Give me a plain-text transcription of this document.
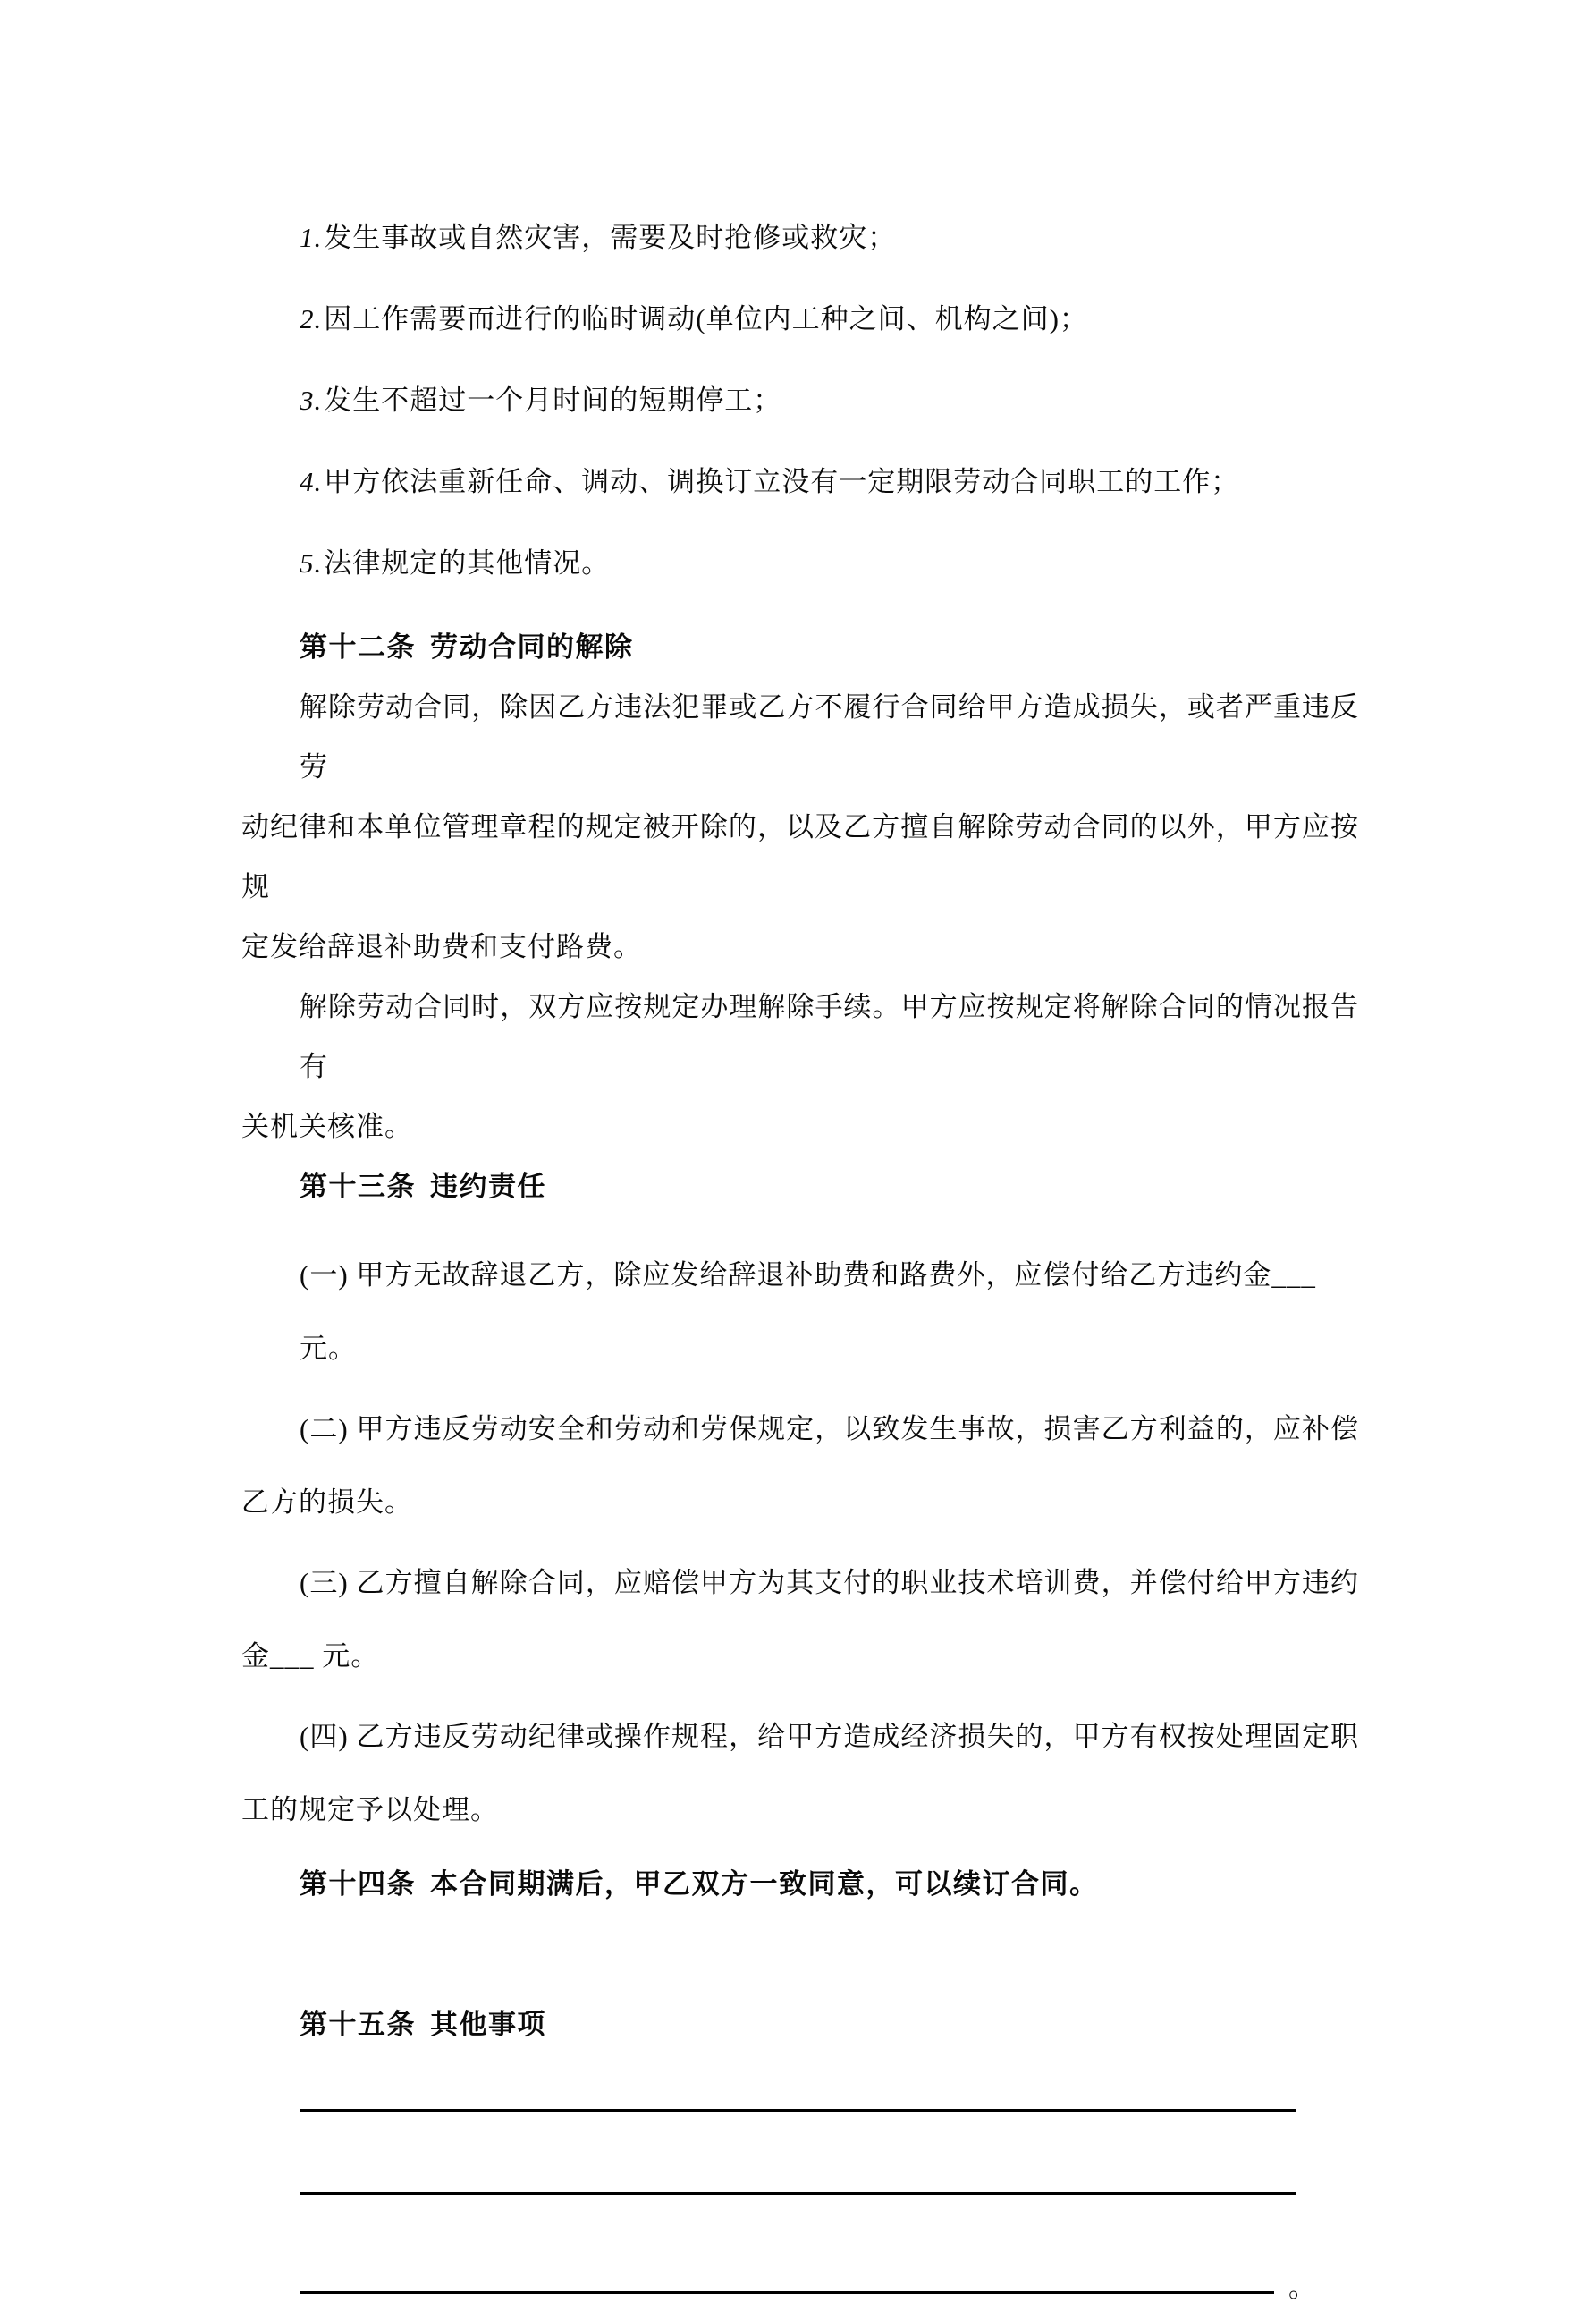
1.发生事故或自然灾害，需要及时抢修或救灾；
2.因工作需要而进行的临时调动(单位内工种之间、机构之间)；
3.发生不超过一个月时间的短期停工；
4.甲方依法重新任命、调动、调换订立没有一定期限劳动合同职工的工作；
5.法律规定的其他情况。
第十二条 劳动合同的解除
解除劳动合同，除因乙方违法犯罪或乙方不履行合同给甲方造成损失，或者严重违反劳
动纪律和本单位管理章程的规定被开除的，以及乙方擅自解除劳动合同的以外，甲方应按规
定发给辞退补助费和支付路费。
解除劳动合同时，双方应按规定办理解除手续。甲方应按规定将解除合同的情况报告有
关机关核准。
第十三条 违约责任
(一) 甲方无故辞退乙方，除应发给辞退补助费和路费外，应偿付给乙方违约金___ 元。
(二) 甲方违反劳动安全和劳动和劳保规定，以致发生事故，损害乙方利益的，应补偿
乙方的损失。
(三) 乙方擅自解除合同，应赔偿甲方为其支付的职业技术培训费，并偿付给甲方违约
金___ 元。
(四) 乙方违反劳动纪律或操作规程，给甲方造成经济损失的，甲方有权按处理固定职
工的规定予以处理。
第十四条 本合同期满后，甲乙双方一致同意，可以续订合同。
第十五条 其他事项
。
